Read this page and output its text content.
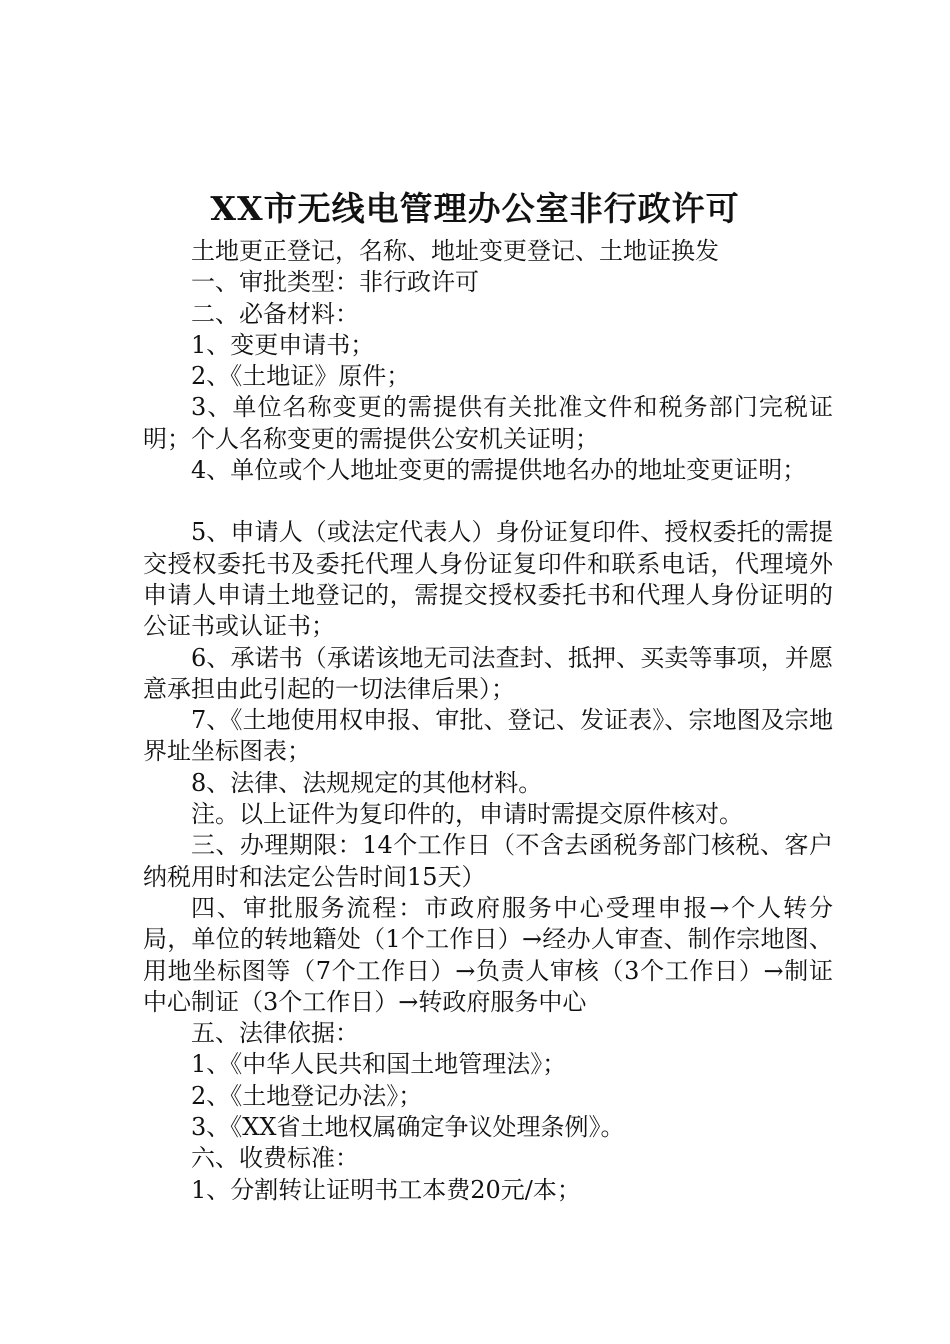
XX市无线电管理办公室非行政许可

土地更正登记，名称、地址变更登记、土地证换发

一、审批类型：非行政许可

二、必备材料：

1、变更申请书；

2、《土地证》原件；

3、单位名称变更的需提供有关批准文件和税务部门完税证明；个人名称变更的需提供公安机关证明；

4、单位或个人地址变更的需提供地名办的地址变更证明；

5、申请人（或法定代表人）身份证复印件、授权委托的需提交授权委托书及委托代理人身份证复印件和联系电话，代理境外申请人申请土地登记的，需提交授权委托书和代理人身份证明的公证书或认证书；

6、承诺书（承诺该地无司法查封、抵押、买卖等事项，并愿意承担由此引起的一切法律后果）；

7、《土地使用权申报、审批、登记、发证表》、宗地图及宗地界址坐标图表；

8、法律、法规规定的其他材料。

注。以上证件为复印件的，申请时需提交原件核对。

三、办理期限：14个工作日（不含去函税务部门核税、客户纳税用时和法定公告时间15天）

四、审批服务流程：市政府服务中心受理申报→个人转分局，单位的转地籍处（1个工作日）→经办人审查、制作宗地图、用地坐标图等（7个工作日）→负责人审核（3个工作日）→制证中心制证（3个工作日）→转政府服务中心

五、法律依据：

1、《中华人民共和国土地管理法》；

2、《土地登记办法》；

3、《XX省土地权属确定争议处理条例》。

六、收费标准：

1、分割转让证明书工本费20元/本；
